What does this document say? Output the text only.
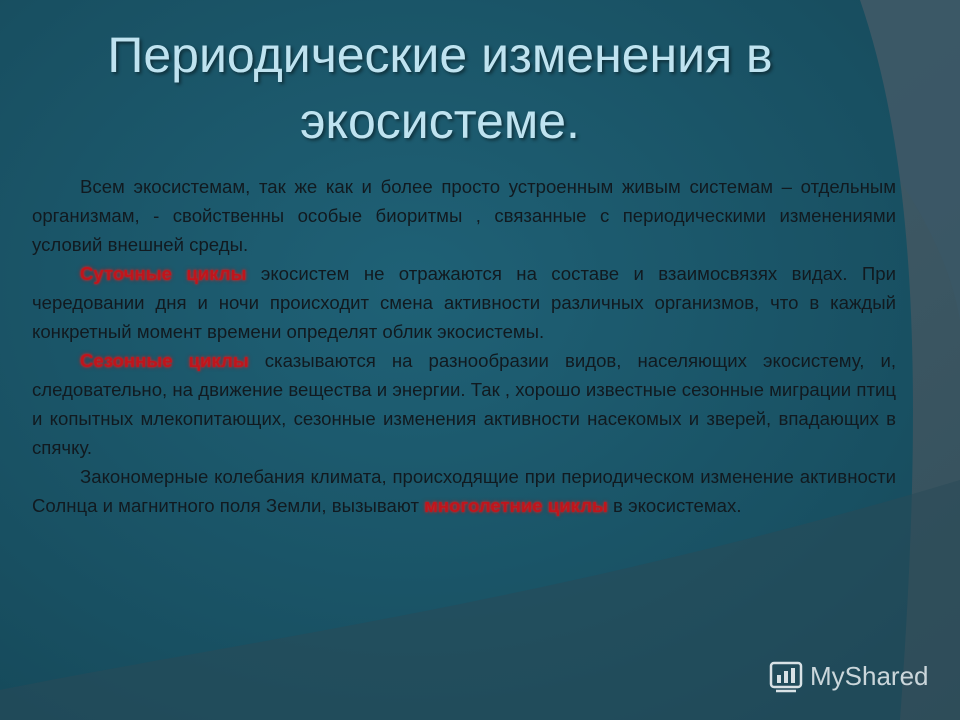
Периодические изменения в экосистеме.

Всем экосистемам, так же как и более просто устроенным живым системам – отдельным организмам, - свойственны особые биоритмы , связанные с периодическими изменениями условий внешней среды.

Суточные циклы экосистем не отражаются на составе и взаимосвязях видах. При чередовании дня и ночи происходит смена активности различных организмов, что в каждый конкретный момент времени определят облик экосистемы.

Сезонные циклы сказываются на разнообразии видов, населяющих экосистему, и, следовательно, на движение вещества и энергии. Так , хорошо известные сезонные миграции птиц и копытных млекопитающих, сезонные изменения активности насекомых и зверей, впадающих в спячку.

Закономерные колебания климата, происходящие при периодическом изменение активности Солнца и магнитного поля Земли, вызывают многолетние циклы в экосистемах.

MyShared
